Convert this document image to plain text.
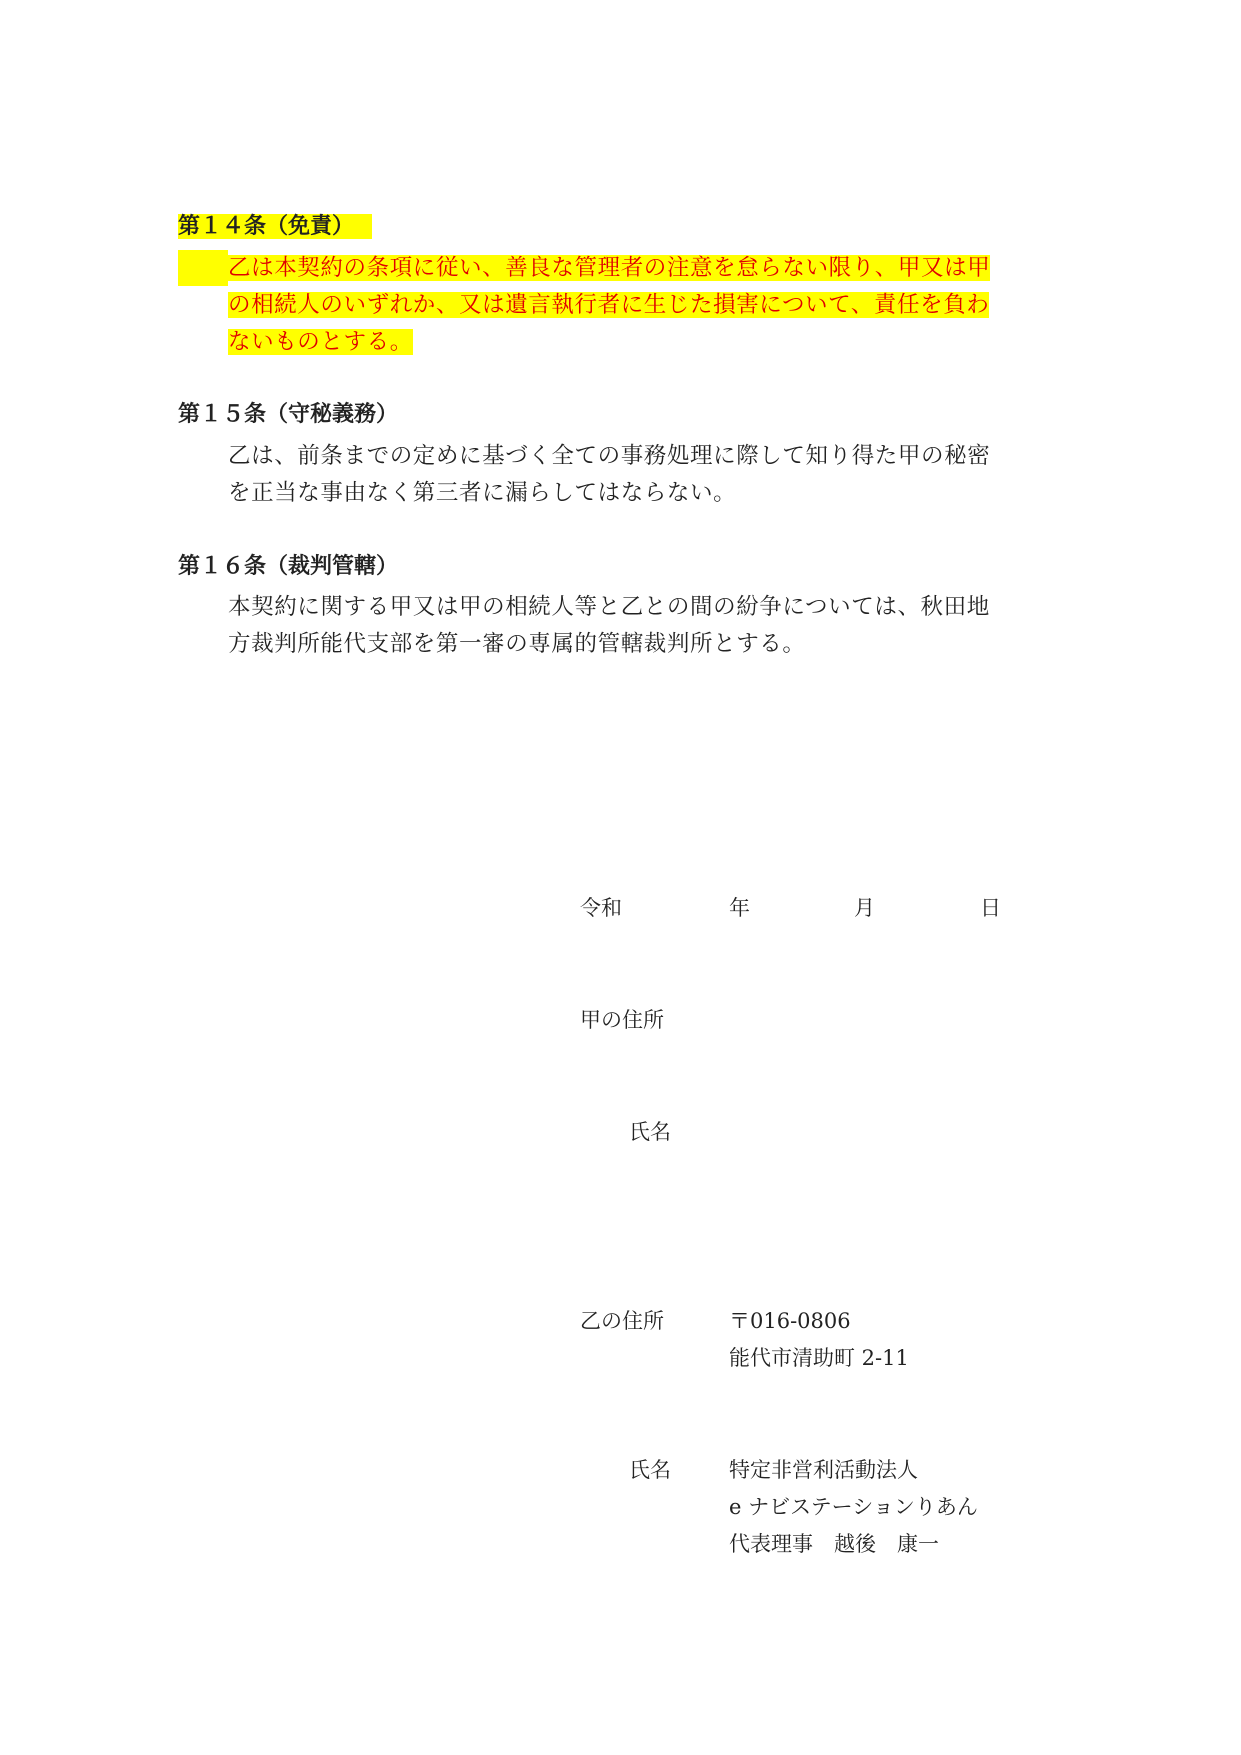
第１４条（免責）
乙は本契約の条項に従い、善良な管理者の注意を怠らない限り、甲又は甲
の相続人のいずれか、又は遺言執行者に生じた損害について、責任を負わ
ないものとする。
第１５条（守秘義務）
乙は、前条までの定めに基づく全ての事務処理に際して知り得た甲の秘密
を正当な事由なく第三者に漏らしてはならない。
第１６条（裁判管轄）
本契約に関する甲又は甲の相続人等と乙との間の紛争については、秋田地
方裁判所能代支部を第一審の専属的管轄裁判所とする。
令和	年	月	日
甲の住所
氏名
乙の住所	〒016-0806
能代市清助町 2-11
氏名	特定非営利活動法人
e ナビステーションりあん
代表理事　越後　康一
